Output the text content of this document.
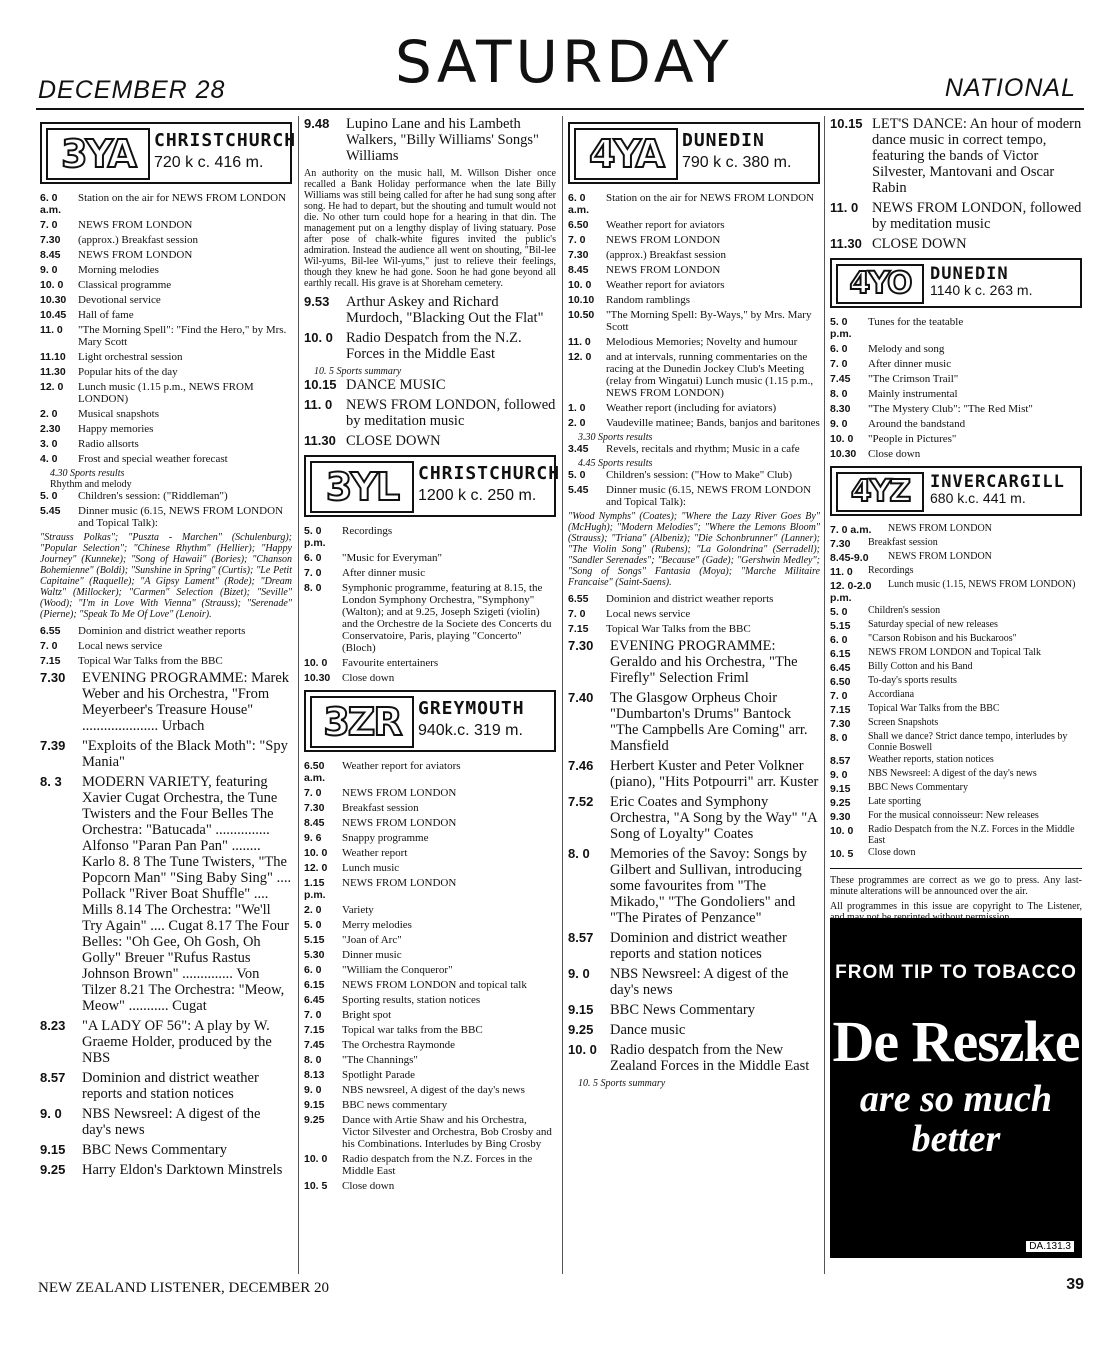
DECEMBER 28	SATURDAY	NATIONAL
3YA	CHRISTCHURCH
720 k c. 416 m.
6. 0 a.m.
Station on the air for NEWS FROM LONDON
7. 0	NEWS FROM LONDON
7.30	(approx.) Breakfast session
8.45	NEWS FROM LONDON
9. 0	Morning melodies
10. 0	Classical programme
10.30	Devotional service
10.45	Hall of fame
11. 0	"The Morning Spell": "Find the Hero," by Mrs. Mary Scott
11.10	Light orchestral session
11.30	Popular hits of the day
12. 0	Lunch music (1.15 p.m., NEWS FROM LONDON)
2. 0	Musical snapshots
2.30	Happy memories
3. 0	Radio allsorts
4. 0	Frost and special weather forecast
4.30 Sports results
Rhythm and melody
5. 0	Children's session: ("Riddleman")
5.45	Dinner music (6.15, NEWS FROM LONDON and Topical Talk):
"Strauss Polkas"; "Puszta - Marchen" (Schulenburg); "Popular Selection"; "Chinese Rhythm" (Hellier); "Happy Journey" (Kunneke); "Song of Hawaii" (Bories); "Chanson Bohemienne" (Boldi); "Sunshine in Spring" (Curtis); "Le Petit Capitaine" (Raquelle); "A Gipsy Lament" (Rode); "Dream Waltz" (Millocker); "Carmen" Selection (Bizet); "Seville" (Wood); "I'm in Love With Vienna" (Strauss); "Serenade" (Pierne); "Speak To Me Of Love" (Lenoir).
6.55	Dominion and district weather reports
7. 0	Local news service
7.15	Topical War Talks from the BBC
7.30	EVENING PROGRAMME: Marek Weber and his Orchestra, "From Meyerbeer's Treasure House" ..................... Urbach
7.39	"Exploits of the Black Moth": "Spy Mania"
8. 3	MODERN VARIETY, featuring Xavier Cugat Orchestra, the Tune Twisters and the Four Belles The Orchestra: "Batucada" ............... Alfonso "Paran Pan Pan" ........ Karlo 8. 8 The Tune Twisters, "The Popcorn Man" "Sing Baby Sing" .... Pollack "River Boat Shuffle" .... Mills 8.14 The Orchestra: "We'll Try Again" .... Cugat 8.17 The Four Belles: "Oh Gee, Oh Gosh, Oh Golly" Breuer "Rufus Rastus Johnson Brown" .............. Von Tilzer 8.21 The Orchestra: "Meow, Meow" ........... Cugat
8.23	"A LADY OF 56": A play by W. Graeme Holder, produced by the NBS
8.57	Dominion and district weather reports and station notices
9. 0	NBS Newsreel: A digest of the day's news
9.15	BBC News Commentary
9.25	Harry Eldon's Darktown Minstrels
9.48	Lupino Lane and his Lambeth Walkers, "Billy Williams' Songs" Williams
An authority on the music hall, M. Willson Disher once recalled a Bank Holiday performance when the late Billy Williams was still being called for after he had sung song after song. He had to depart, but the shouting and tumult would not die. No other turn could hope for a hearing in that din. The management put on a lengthy display of living statuary. Pose after pose of chalk-white figures invited the public's admiration. Instead the audience all went on shouting, "Bil-lee Wil-yums, Bil-lee Wil-yums," just to relieve their feelings, though they knew he had gone. Soon he had gone beyond all earthly recall. His grave is at Shoreham cemetery.
9.53	Arthur Askey and Richard Murdoch, "Blacking Out the Flat"
10. 0 Radio Despatch from the N.Z. Forces in the Middle East
10. 5 Sports summary
10.15 DANCE MUSIC
11. 0 NEWS FROM LONDON, followed by meditation music
11.30 CLOSE DOWN
3YL	CHRISTCHURCH
1200 k c. 250 m.
5. 0 p.m.
Recordings
6. 0	"Music for Everyman"
7. 0	After dinner music
8. 0	Symphonic programme, featuring at 8.15, the London Symphony Orchestra, "Symphony" (Walton); and at 9.25, Joseph Szigeti (violin) and the Orchestre de la Societe des Concerts du Conservatoire, Paris, playing "Concerto" (Bloch)
10. 0	Favourite entertainers
10.30	Close down
3ZR GREYMOUTH
940k.c. 319 m.
6.50 a.m.
Weather report for aviators
7. 0	NEWS FROM LONDON
7.30	Breakfast session
8.45	NEWS FROM LONDON
9. 6	Snappy programme
10. 0	Weather report
12. 0	Lunch music
1.15 p.m.
NEWS FROM LONDON
2. 0	Variety
5. 0	Merry melodies
5.15	"Joan of Arc"
5.30	Dinner music
6. 0	"William the Conqueror"
6.15	NEWS FROM LONDON and topical talk
6.45	Sporting results, station notices
7. 0	Bright spot
7.15	Topical war talks from the BBC
7.45	The Orchestra Raymonde
8. 0	"The Channings"
8.13	Spotlight Parade
9. 0	NBS newsreel, A digest of the day's news
9.15	BBC news commentary
9.25	Dance with Artie Shaw and his Orchestra, Victor Silvester and Orchestra, Bob Crosby and his Combinations. Interludes by Bing Crosby
10. 0	Radio despatch from the N.Z. Forces in the Middle East
10. 5	Close down
4YA	DUNEDIN
790 k c. 380 m.
6. 0 a.m.
Station on the air for NEWS FROM LONDON
6.50	Weather report for aviators
7. 0	NEWS FROM LONDON
7.30	(approx.) Breakfast session
8.45	NEWS FROM LONDON
10. 0	Weather report for aviators
10.10	Random ramblings
10.50	"The Morning Spell: By-Ways," by Mrs. Mary Scott
11. 0	Melodious Memories; Novelty and humour
12. 0	and at intervals, running commentaries on the racing at the Dunedin Jockey Club's Meeting (relay from Wingatui) Lunch music (1.15 p.m., NEWS FROM LONDON)
1. 0	Weather report (including for aviators)
2. 0	Vaudeville matinee; Bands, banjos and baritones
3.30 Sports results
3.45	Revels, recitals and rhythm; Music in a cafe
4.45 Sports results
5. 0	Children's session: ("How to Make" Club)
5.45	Dinner music (6.15, NEWS FROM LONDON and Topical Talk):
"Wood Nymphs" (Coates); "Where the Lazy River Goes By" (McHugh); "Modern Melodies"; "Where the Lemons Bloom" (Strauss); "Triana" (Albeniz); "Die Schonbrunner" (Lanner); "The Violin Song" (Rubens); "La Golondrina" (Serradell); "Sandler Serenades"; "Because" (Gade); "Gershwin Medley"; "Song of Songs" Fantasia (Moya); "Marche Militaire Francaise" (Saint-Saens).
6.55	Dominion and district weather reports
7. 0	Local news service
7.15	Topical War Talks from the BBC
7.30	EVENING PROGRAMME: Geraldo and his Orchestra, "The Firefly" Selection Friml
7.40	The Glasgow Orpheus Choir "Dumbarton's Drums" Bantock "The Campbells Are Coming" arr. Mansfield
7.46	Herbert Kuster and Peter Volkner (piano), "Hits Potpourri" arr. Kuster
7.52	Eric Coates and Symphony Orchestra, "A Song by the Way" "A Song of Loyalty" Coates
8. 0	Memories of the Savoy: Songs by Gilbert and Sullivan, introducing some favourites from "The Mikado," "The Gondoliers" and "The Pirates of Penzance"
8.57	Dominion and district weather reports and station notices
9. 0	NBS Newsreel: A digest of the day's news
9.15	BBC News Commentary
9.25	Dance music
10. 0 Radio despatch from the New Zealand Forces in the Middle East
10. 5 Sports summary
10.15 LET'S DANCE: An hour of modern dance music in correct tempo, featuring the bands of Victor Silvester, Mantovani and Oscar Rabin
11. 0 NEWS FROM LONDON, followed by meditation music
11.30 CLOSE DOWN
4YO	DUNEDIN
1140 k c. 263 m.
5. 0 p.m.
Tunes for the teatable
6. 0	Melody and song
7. 0	After dinner music
7.45	"The Crimson Trail"
8. 0	Mainly instrumental
8.30	"The Mystery Club": "The Red Mist"
9. 0	Around the bandstand
10. 0	"People in Pictures"
10.30	Close down
4YZ	INVERCARGILL
680 k.c. 441 m.
7. 0 a.m.	NEWS FROM LONDON
7.30	Breakfast session
8.45-9.0	NEWS FROM LONDON
11. 0	Recordings
12. 0-2.0 p.m.
Lunch music (1.15, NEWS FROM LONDON)
5. 0	Children's session
5.15	Saturday special of new releases
6. 0	"Carson Robison and his Buckaroos"
6.15	NEWS FROM LONDON and Topical Talk
6.45	Billy Cotton and his Band
6.50	To-day's sports results
7. 0	Accordiana
7.15	Topical War Talks from the BBC
7.30	Screen Snapshots
8. 0	Shall we dance? Strict dance tempo, interludes by Connie Boswell
8.57	Weather reports, station notices
9. 0	NBS Newsreel: A digest of the day's news
9.15	BBC News Commentary
9.25	Late sporting
9.30	For the musical connoisseur: New releases
10. 0	Radio Despatch from the N.Z. Forces in the Middle East
10. 5	Close down
These programmes are correct as we go to press. Any last-minute alterations will be announced over the air.
All programmes in this issue are copyright to The Listener,
FROM TIP TO TOBACCO
De Reszke
are so much better
DA.131.3
NEW ZEALAND LISTENER, DECEMBER 20	39
